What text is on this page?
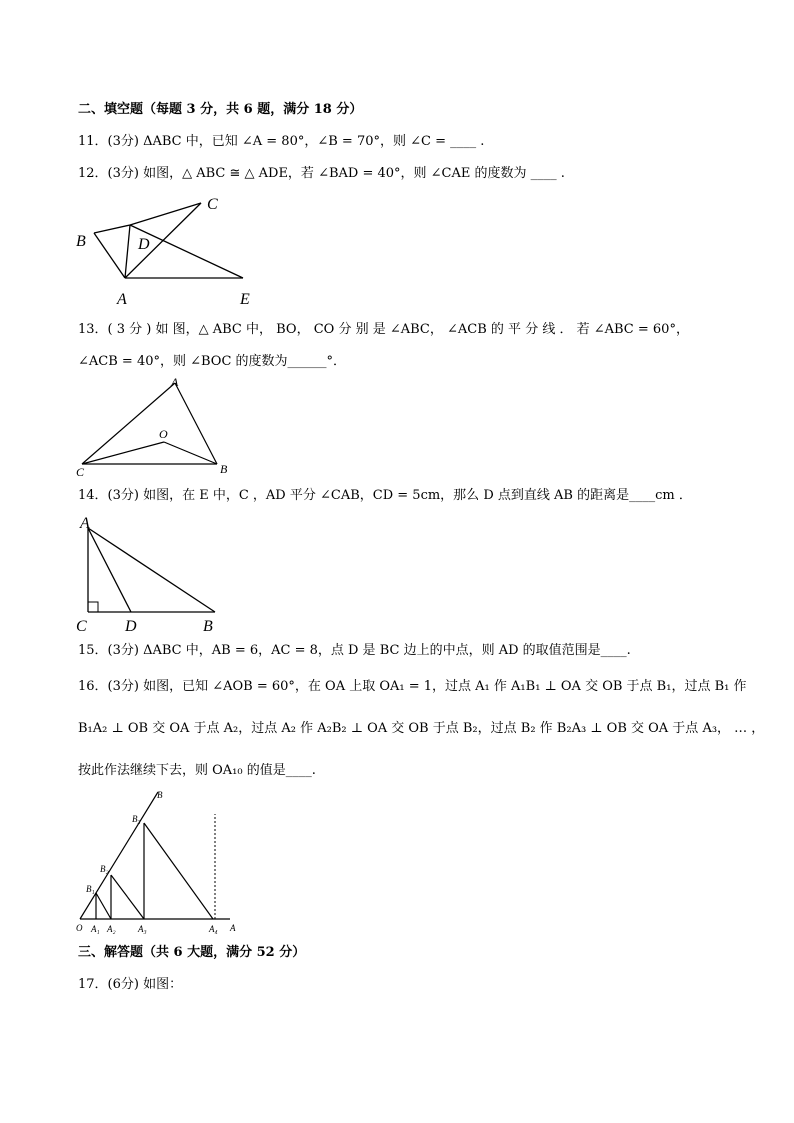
二、填空题（每题 3 分，共 6 题，满分 18 分）
11．(3分) ΔABC 中，已知 ∠A = 80°，∠B = 70°，则 ∠C = ____ .
12．(3分) 如图，△ ABC ≅ △ ADE，若 ∠BAD = 40°，则 ∠CAE 的度数为 ____ .
B
C
D
A	E
13．( 3 分 ) 如 图，△ ABC 中， BO， CO 分 别 是 ∠ABC， ∠ACB 的 平 分 线 ． 若 ∠ABC = 60°，
∠ACB = 40°，则 ∠BOC 的度数为______°．
A
O
C	B
14．(3分) 如图，在 E 中，C ，AD 平分 ∠CAB，CD = 5cm，那么 D 点到直线 AB 的距离是____cm ．
A
C D	B
15．(3分) ΔABC 中，AB = 6，AC = 8，点 D 是 BC 边上的中点，则 AD 的取值范围是____.
16．(3分) 如图，已知 ∠AOB = 60°，在 OA 上取 OA₁ = 1，过点 A₁ 作 A₁B₁ ⊥ OA 交 OB 于点 B₁，过点 B₁ 作
B₁A₂ ⊥ OB 交 OA 于点 A₂，过点 A₂ 作 A₂B₂ ⊥ OA 交 OB 于点 B₂，过点 B₂ 作 B₂A₃ ⊥ OB 交 OA 于点 A₃， … ，
按此作法继续下去，则 OA₁₀ 的值是____.
B
B₃
B₂
B₁
O A₁ A₂ A₃	A₄ A
三、解答题（共 6 大题，满分 52 分）
17．(6分) 如图：
